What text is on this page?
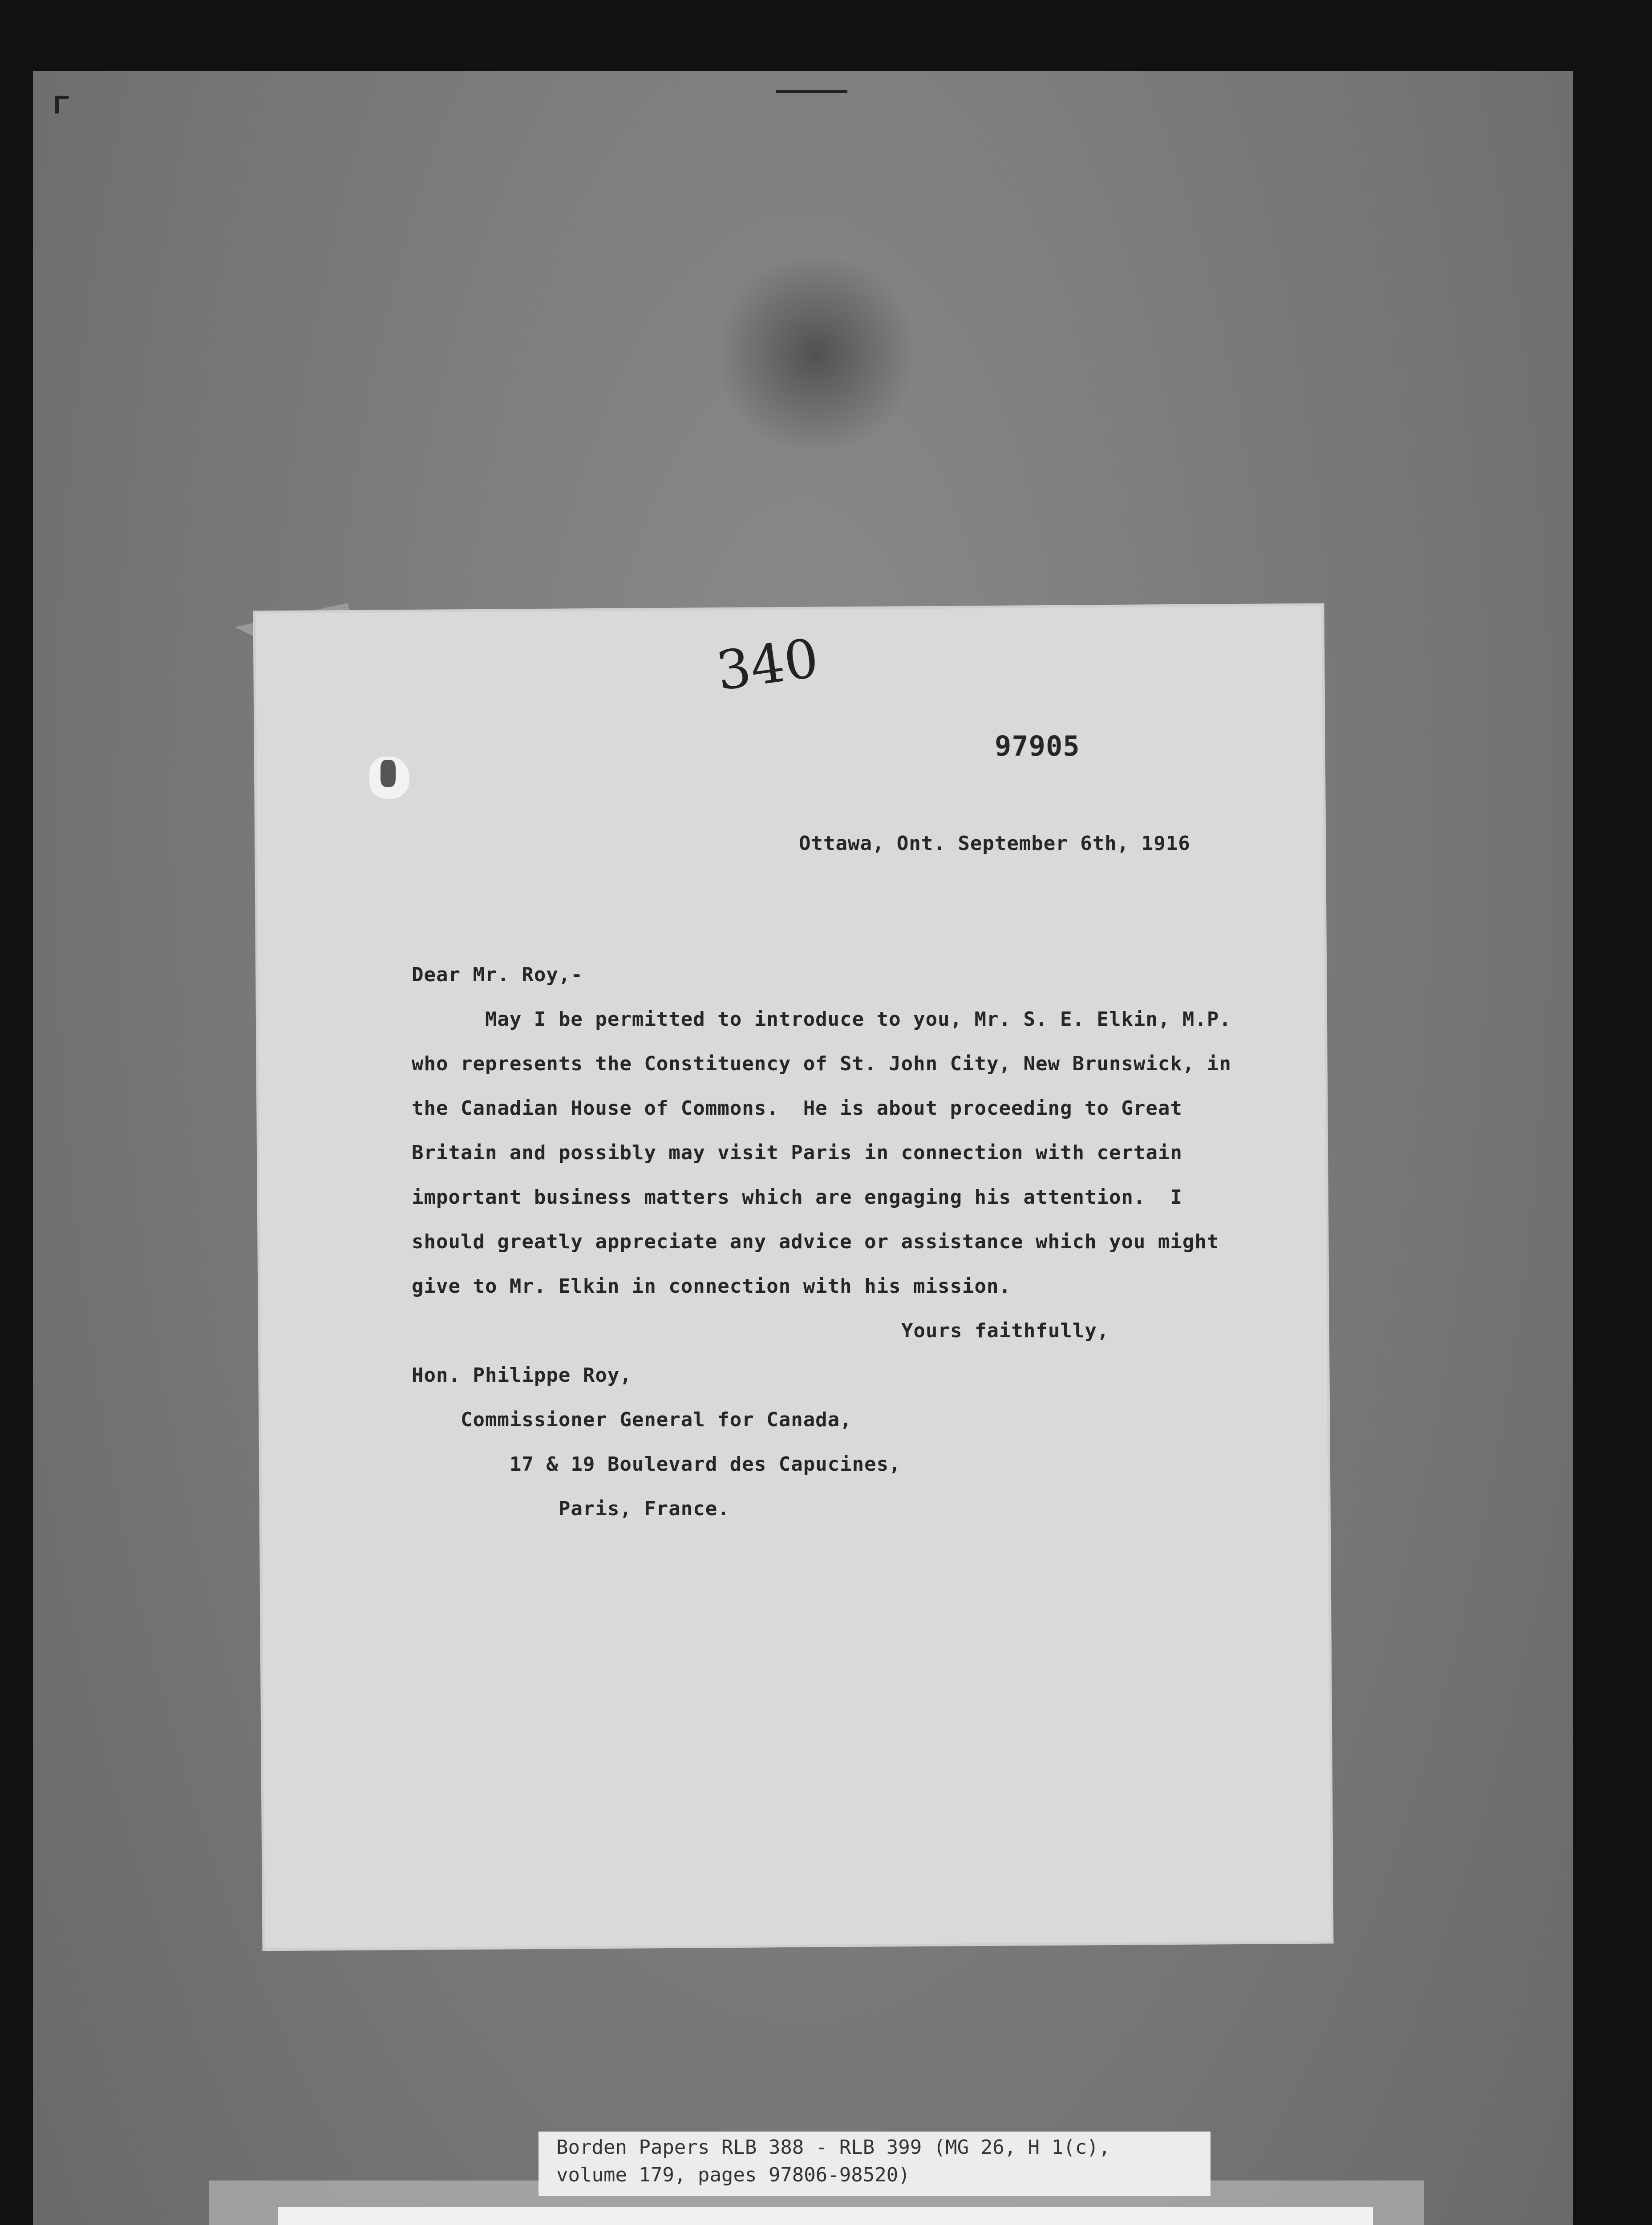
340
97905
Ottawa, Ont. September 6th, 1916
Dear Mr. Roy,-
May I be permitted to introduce to you, Mr. S. E. Elkin, M.P.
who represents the Constituency of St. John City, New Brunswick, in
the Canadian House of Commons.  He is about proceeding to Great
Britain and possibly may visit Paris in connection with certain
important business matters which are engaging his attention.  I
should greatly appreciate any advice or assistance which you might
give to Mr. Elkin in connection with his mission.
Yours faithfully,
Hon. Philippe Roy,
Commissioner General for Canada,
17 & 19 Boulevard des Capucines,
Paris, France.
Borden Papers RLB 388 - RLB 399 (MG 26, H 1(c),
volume 179, pages 97806-98520)
